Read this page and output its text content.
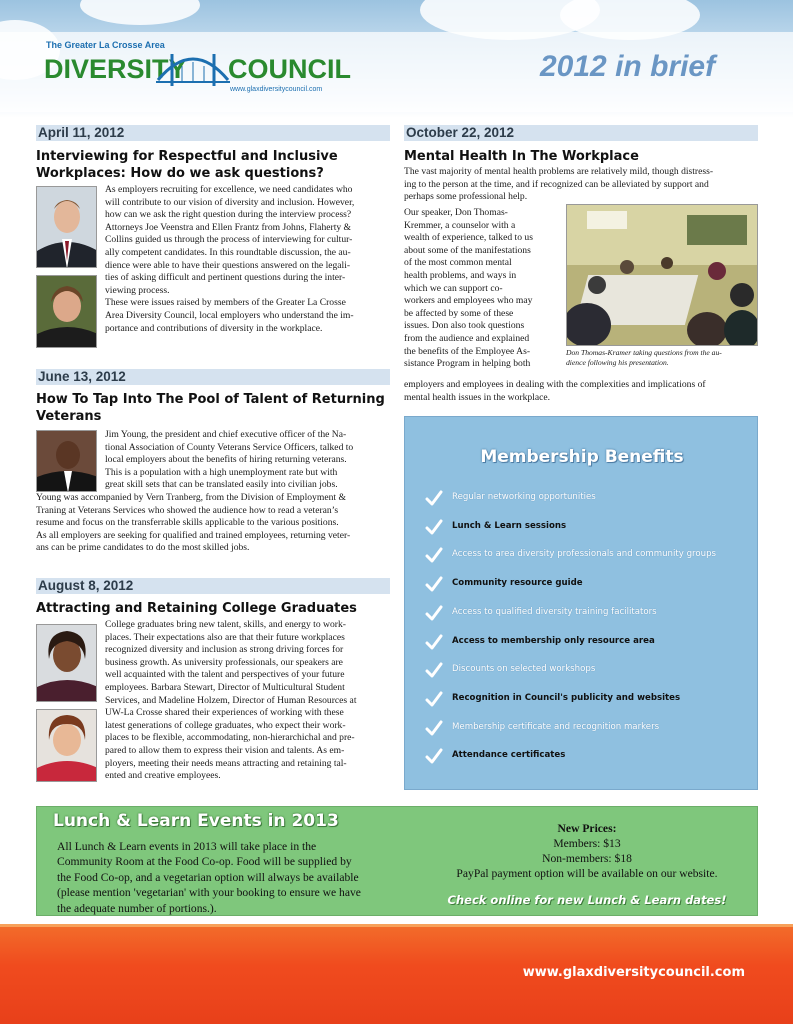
The Greater La Crosse Area
DIVERSITY COUNCIL
www.glaxdiversitycouncil.com
2012 in brief
April 11, 2012
Interviewing for Respectful and Inclusive Workplaces: How do we ask questions?
As employers recruiting for excellence, we need candidates who
will contribute to our vision of diversity and inclusion. However,
how can we ask the right question during the interview process?
Attorneys Joe Veenstra and Ellen Frantz from Johns, Flaherty &
Collins guided us through the process of interviewing for cultur-
ally competent candidates. In this roundtable discussion, the au-
dience were able to have their questions answered on the legali-
ties of asking difficult and pertinent questions during the inter-
viewing process.
These were issues raised by members of the Greater La Crosse
Area Diversity Council, local employers who understand the im-
portance and contributions of diversity in the workplace.
June 13, 2012
How To Tap Into The Pool of Talent of Returning Veterans
Jim Young, the president and chief executive officer of the Na-
tional Association of County Veterans Service Officers, talked to
local employers about the benefits of hiring returning veterans.
This is a population with a high unemployment rate but with
great skill sets that can be translated easily into civilian jobs.
Young was accompanied by Vern Tranberg, from the Division of Employment &
Traning at Veterans Services who showed the audience how to read a veteran’s
resume and focus on the transferrable skills applicable to the various positions.
As all employers are seeking for qualified and trained employees, returning veter-
ans can be prime candidates to do the most skilled jobs.
August 8, 2012
Attracting and Retaining College Graduates
College graduates bring new talent, skills, and energy to work-
places. Their expectations also are that their future workplaces
recognized diversity and inclusion as strong driving forces for
business growth. As university professionals, our speakers are
well acquainted with the talent and perspectives of your future
employees. Barbara Stewart, Director of Multicultural Student
Services, and Madeline Holzem, Director of Human Resources at
UW-La Crosse shared their experiences of working with these
latest generations of college graduates, who expect their work-
places to be flexible, accommodating, non-hierarchichal and pre-
pared to allow them to express their vision and talents. As em-
ployers, meeting their needs means attracting and retaining tal-
ented and creative employees.
October 22, 2012
Mental Health In The Workplace
The vast majority of mental health problems are relatively mild, though distress-
ing to the person at the time, and if recognized can be alleviated by support and
perhaps some professional help.
Our speaker, Don Thomas-
Kremmer, a counselor with a
wealth of experience, talked to us
about some of the manifestations
of the most common mental
health problems, and ways in
which we can support co-
workers and employees who may
be affected by some of these
issues. Don also took questions
from the audience and explained
the benefits of the Employee As-
sistance Program in helping both
Don Thomas-Kramer taking questions from the au-
dience following his presentation.
employers and employees in dealing with the complexities and implications of
mental health issues in the workplace.
Membership Benefits
Regular networking opportunities
Lunch & Learn sessions
Access to area diversity professionals and community groups
Community resource guide
Access to qualified diversity training facilitators
Access to membership only resource area
Discounts on selected workshops
Recognition in Council's publicity and websites
Membership certificate and recognition markers
Attendance certificates
Lunch & Learn Events in 2013
All Lunch & Learn events in 2013 will take place in the
Community Room at the Food Co-op. Food will be supplied by
the Food Co-op, and a vegetarian option will always be available
(please mention 'vegetarian' with your booking to ensure we have
the adequate number of portions.).
New Prices:
Members: $13
Non-members: $18
PayPal payment option will be available on our website.
Check online for new Lunch & Learn dates!
www.glaxdiversitycouncil.com
